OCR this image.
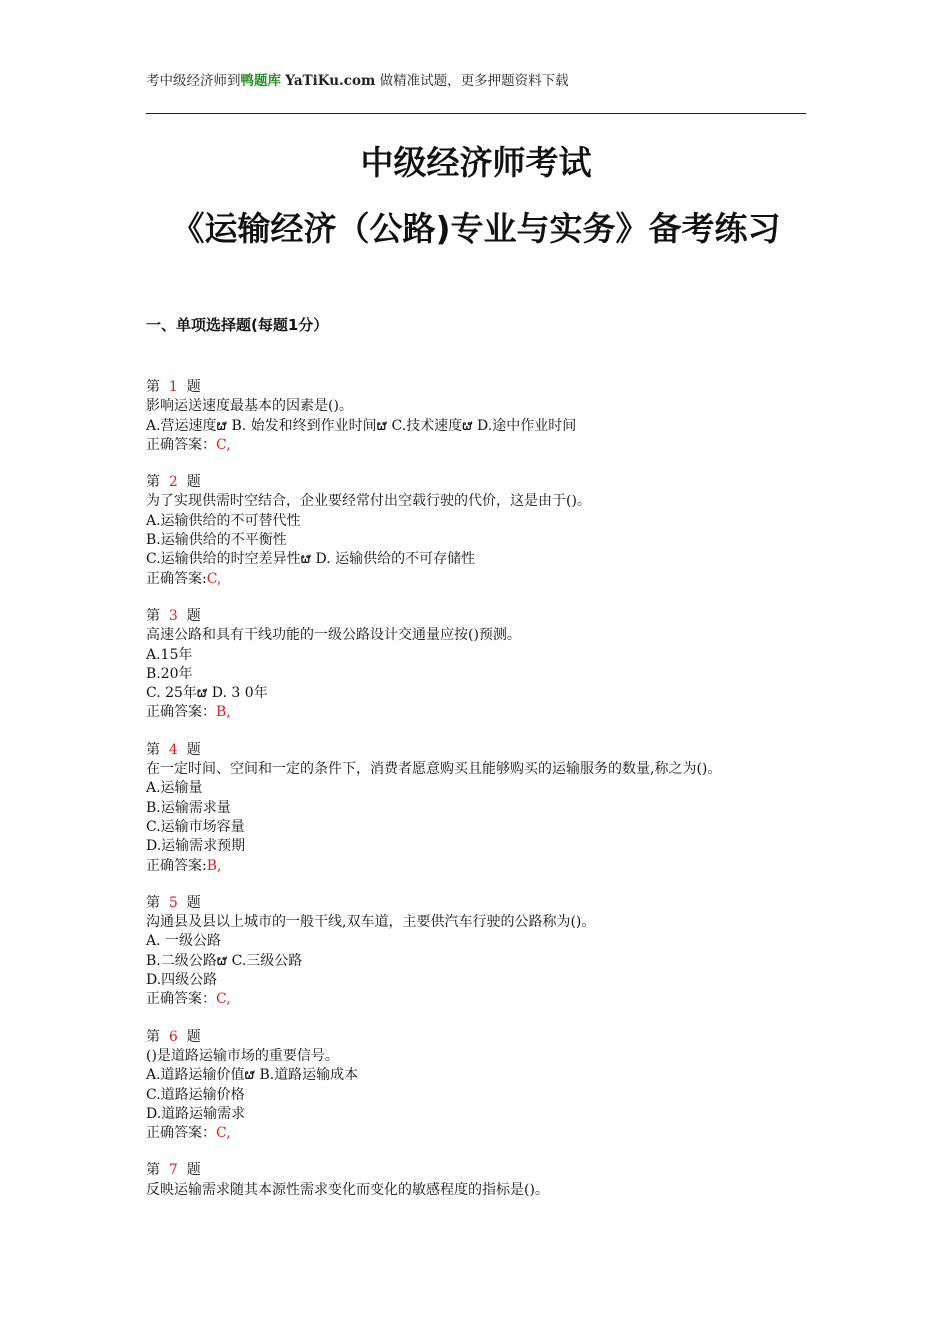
考中级经济师到鸭题库 YaTiKu.com 做精准试题，更多押题资料下载
中级经济师考试
《运输经济（公路)专业与实务》备考练习
一、单项选择题(每题1分）
第 1 题
影响运送速度最基本的因素是()。
A.营运速度ຜ B. 始发和终到作业时间ຜ C.技术速度ຜ D.途中作业时间
正确答案：C,
第 2 题
为了实现供需时空结合，企业要经常付出空载行驶的代价，这是由于()。
A.运输供给的不可替代性
B.运输供给的不平衡性
C.运输供给的时空差异性ຜ D. 运输供给的不可存储性
正确答案:C,
第 3 题
高速公路和具有干线功能的一级公路设计交通量应按()预测。
A.15年
B.20年
C. 25年ຜ D. 3 0年
正确答案：B,
第 4 题
在一定时间、空间和一定的条件下，消费者愿意购买且能够购买的运输服务的数量,称之为()。
A.运输量
B.运输需求量
C.运输市场容量
D.运输需求预期
正确答案:B,
第 5 题
沟通县及县以上城市的一般干线,双车道，主要供汽车行驶的公路称为()。
A. 一级公路
B.二级公路ຜ C.三级公路
D.四级公路
正确答案：C,
第 6 题
()是道路运输市场的重要信号。
A.道路运输价值ຜ B.道路运输成本
C.道路运输价格
D.道路运输需求
正确答案：C,
第 7 题
反映运输需求随其本源性需求变化而变化的敏感程度的指标是()。
